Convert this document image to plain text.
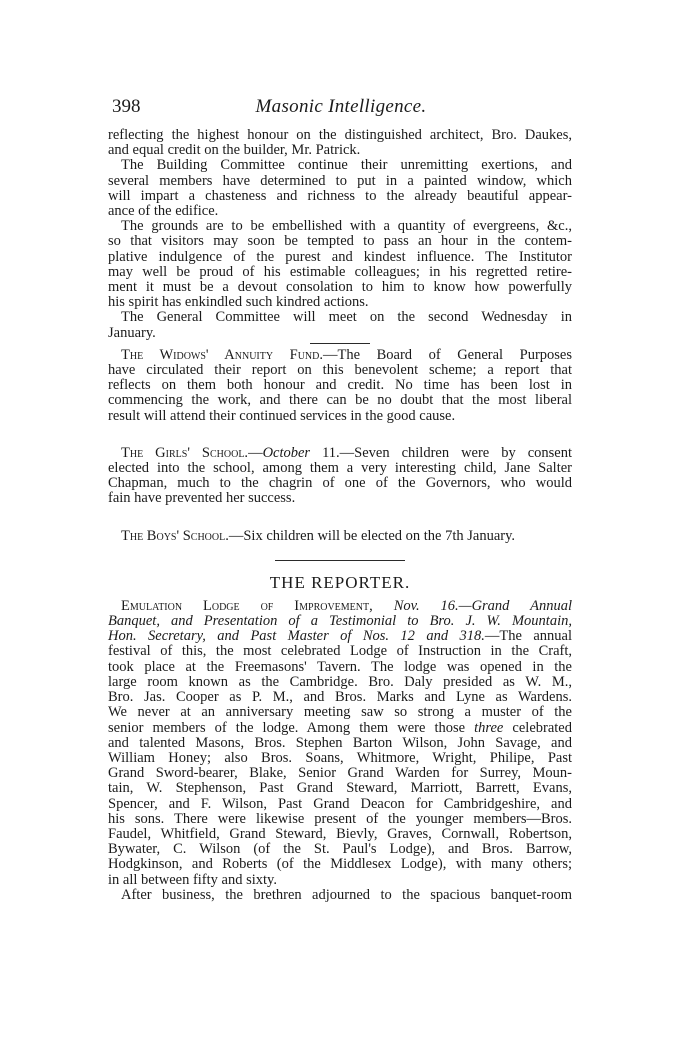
398	Masonic Intelligence.
reflecting the highest honour on the distinguished architect, Bro. Daukes,
and equal credit on the builder, Mr. Patrick.
The Building Committee continue their unremitting exertions, and
several members have determined to put in a painted window, which
will impart a chasteness and richness to the already beautiful appear-
ance of the edifice.
The grounds are to be embellished with a quantity of evergreens, &c.,
so that visitors may soon be tempted to pass an hour in the contem-
plative indulgence of the purest and kindest influence. The Institutor
may well be proud of his estimable colleagues; in his regretted retire-
ment it must be a devout consolation to him to know how powerfully
his spirit has enkindled such kindred actions.
The General Committee will meet on the second Wednesday in
January.
The Widows' Annuity Fund.—The Board of General Purposes
have circulated their report on this benevolent scheme; a report that
reflects on them both honour and credit. No time has been lost in
commencing the work, and there can be no doubt that the most liberal
result will attend their continued services in the good cause.
The Girls' School.—October 11.—Seven children were by consent
elected into the school, among them a very interesting child, Jane Salter
Chapman, much to the chagrin of one of the Governors, who would
fain have prevented her success.
The Boys' School.—Six children will be elected on the 7th January.
THE REPORTER.
Emulation Lodge of Improvement, Nov. 16.—Grand Annual
Banquet, and Presentation of a Testimonial to Bro. J. W. Mountain,
Hon. Secretary, and Past Master of Nos. 12 and 318.—The annual
festival of this, the most celebrated Lodge of Instruction in the Craft,
took place at the Freemasons' Tavern. The lodge was opened in the
large room known as the Cambridge. Bro. Daly presided as W. M.,
Bro. Jas. Cooper as P. M., and Bros. Marks and Lyne as Wardens.
We never at an anniversary meeting saw so strong a muster of the
senior members of the lodge. Among them were those three celebrated
and talented Masons, Bros. Stephen Barton Wilson, John Savage, and
William Honey; also Bros. Soans, Whitmore, Wright, Philipe, Past
Grand Sword-bearer, Blake, Senior Grand Warden for Surrey, Moun-
tain, W. Stephenson, Past Grand Steward, Marriott, Barrett, Evans,
Spencer, and F. Wilson, Past Grand Deacon for Cambridgeshire, and
his sons. There were likewise present of the younger members—Bros.
Faudel, Whitfield, Grand Steward, Bievly, Graves, Cornwall, Robertson,
Bywater, C. Wilson (of the St. Paul's Lodge), and Bros. Barrow,
Hodgkinson, and Roberts (of the Middlesex Lodge), with many others;
in all between fifty and sixty.
After business, the brethren adjourned to the spacious banquet-room
